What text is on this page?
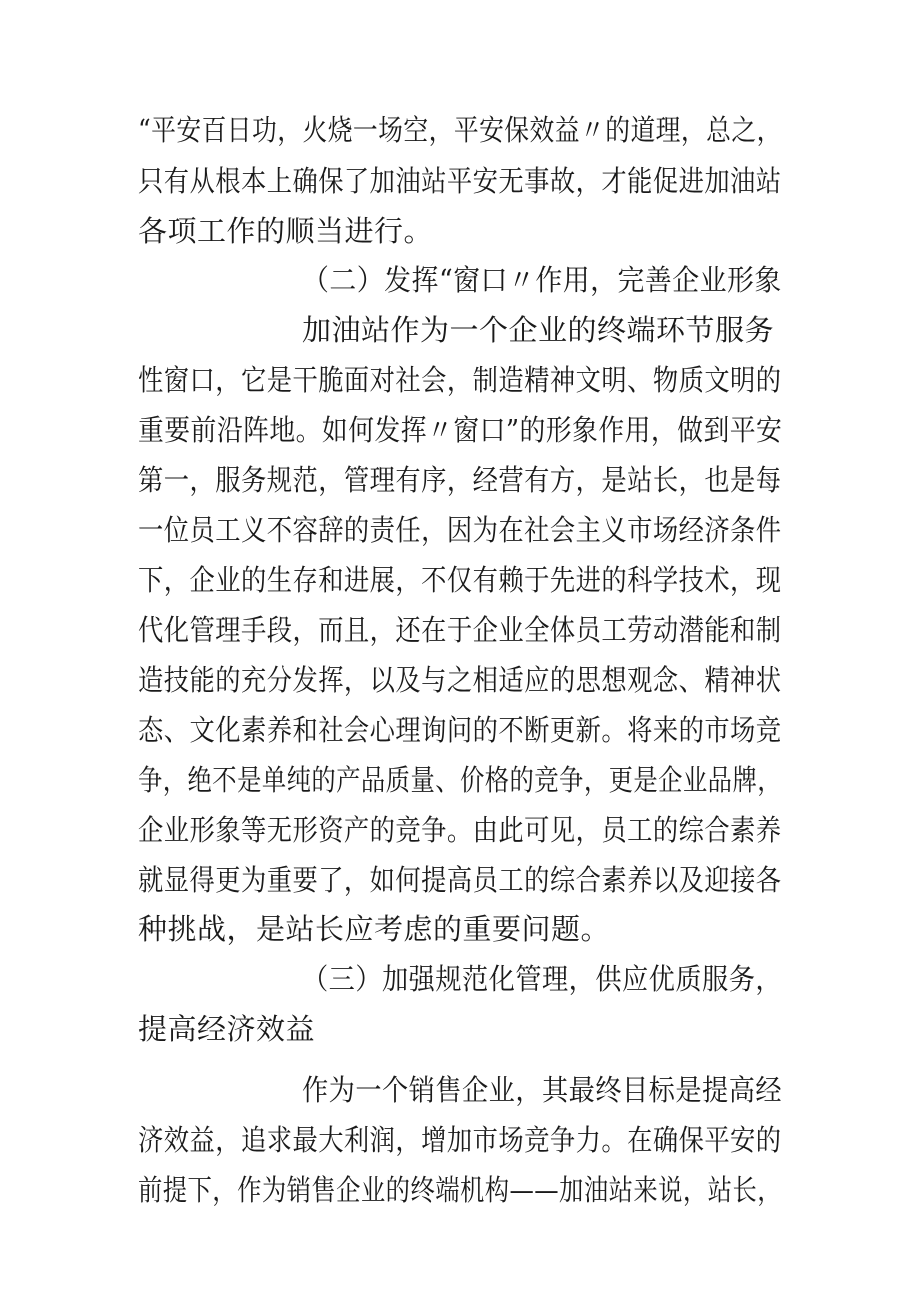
“平安百日功，火烧一场空，平安保效益〃的道理，总之，
只有从根本上确保了加油站平安无事故，才能促进加油站
各项工作的顺当进行。
（二）发挥“窗口〃作用，完善企业形象
加油站作为一个企业的终端环节服务
性窗口，它是干脆面对社会，制造精神文明、物质文明的
重要前沿阵地。如何发挥〃窗口”的形象作用，做到平安
第一，服务规范，管理有序，经营有方，是站长，也是每
一位员工义不容辞的责任，因为在社会主义市场经济条件
下，企业的生存和进展，不仅有赖于先进的科学技术，现
代化管理手段，而且，还在于企业全体员工劳动潜能和制
造技能的充分发挥，以及与之相适应的思想观念、精神状
态、文化素养和社会心理询问的不断更新。将来的市场竞
争，绝不是单纯的产品质量、价格的竞争，更是企业品牌，
企业形象等无形资产的竞争。由此可见，员工的综合素养
就显得更为重要了，如何提高员工的综合素养以及迎接各
种挑战，是站长应考虑的重要问题。
（三）加强规范化管理，供应优质服务，
提高经济效益
作为一个销售企业，其最终目标是提高经
济效益，追求最大利润，增加市场竞争力。在确保平安的
前提下，作为销售企业的终端机构——加油站来说，站长，
